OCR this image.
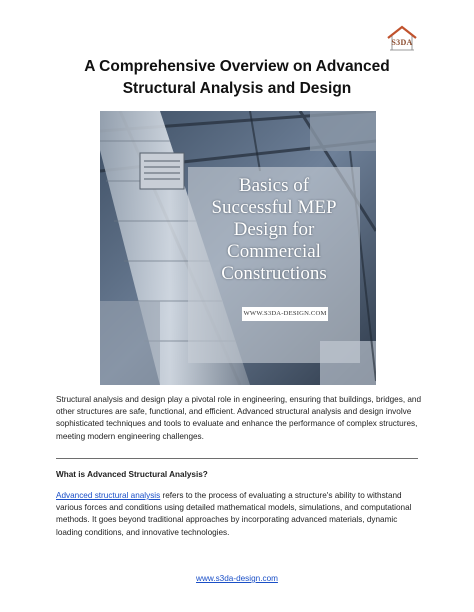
S3DA
A Comprehensive Overview on Advanced
Structural Analysis and Design
Basics of
Successful MEP
Design for
Commercial
Constructions
WWW.S3DA-DESIGN.COM
Structural analysis and design play a pivotal role in engineering, ensuring that buildings, bridges, and other structures are safe, functional, and efficient. Advanced structural analysis and design involve sophisticated techniques and tools to evaluate and enhance the performance of complex structures, meeting modern engineering challenges.
What is Advanced Structural Analysis?
Advanced structural analysis refers to the process of evaluating a structure's ability to withstand various forces and conditions using detailed mathematical models, simulations, and computational methods. It goes beyond traditional approaches by incorporating advanced materials, dynamic loading conditions, and innovative technologies.
www.s3da-design.com
